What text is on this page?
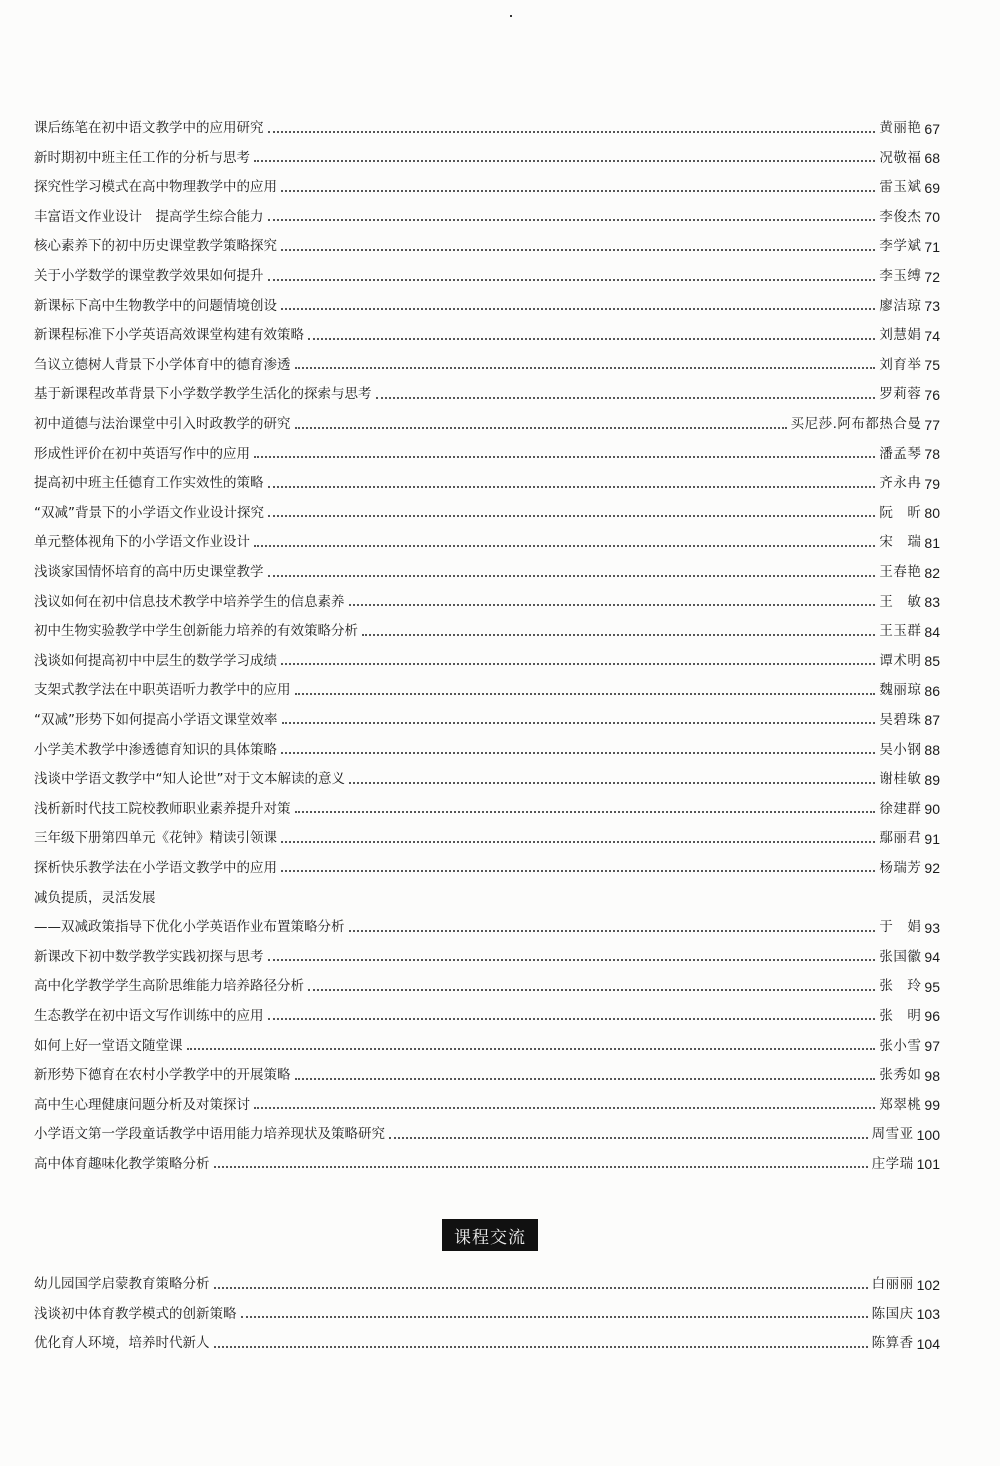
课后练笔在初中语文教学中的应用研究	黄丽艳 67
新时期初中班主任工作的分析与思考	况敬福 68
探究性学习模式在高中物理教学中的应用	雷玉斌 69
丰富语文作业设计　提高学生综合能力	李俊杰 70
核心素养下的初中历史课堂教学策略探究	李学斌 71
关于小学数学的课堂教学效果如何提升	李玉缚 72
新课标下高中生物教学中的问题情境创设	廖洁琼 73
新课程标准下小学英语高效课堂构建有效策略	刘慧娟 74
刍议立德树人背景下小学体育中的德育渗透	刘育举 75
基于新课程改革背景下小学数学教学生活化的探索与思考	罗莉蓉 76
初中道德与法治课堂中引入时政教学的研究	买尼莎.阿布都热合曼 77
形成性评价在初中英语写作中的应用	潘孟琴 78
提高初中班主任德育工作实效性的策略	齐永冉 79
“双减”背景下的小学语文作业设计探究	阮　昕 80
单元整体视角下的小学语文作业设计	宋　瑞 81
浅谈家国情怀培育的高中历史课堂教学	王春艳 82
浅议如何在初中信息技术教学中培养学生的信息素养	王　敏 83
初中生物实验教学中学生创新能力培养的有效策略分析	王玉群 84
浅谈如何提高初中中层生的数学学习成绩	谭术明 85
支架式教学法在中职英语听力教学中的应用	魏丽琼 86
“双减”形势下如何提高小学语文课堂效率	吴碧珠 87
小学美术教学中渗透德育知识的具体策略	吴小钢 88
浅谈中学语文教学中“知人论世”对于文本解读的意义	谢桂敏 89
浅析新时代技工院校教师职业素养提升对策	徐建群 90
三年级下册第四单元《花钟》精读引领课	鄢丽君 91
探析快乐教学法在小学语文教学中的应用	杨瑞芳 92
减负提质，灵活发展
——双减政策指导下优化小学英语作业布置策略分析	于　娟 93
新课改下初中数学教学实践初探与思考	张国徽 94
高中化学教学学生高阶思维能力培养路径分析	张　玲 95
生态教学在初中语文写作训练中的应用	张　明 96
如何上好一堂语文随堂课	张小雪 97
新形势下德育在农村小学教学中的开展策略	张秀如 98
高中生心理健康问题分析及对策探讨	郑翠桃 99
小学语文第一学段童话教学中语用能力培养现状及策略研究	周雪亚 100
高中体育趣味化教学策略分析	庄学瑞 101
课程交流
幼儿园国学启蒙教育策略分析	白丽丽 102
浅谈初中体育教学模式的创新策略	陈国庆 103
优化育人环境，培养时代新人	陈算香 104
